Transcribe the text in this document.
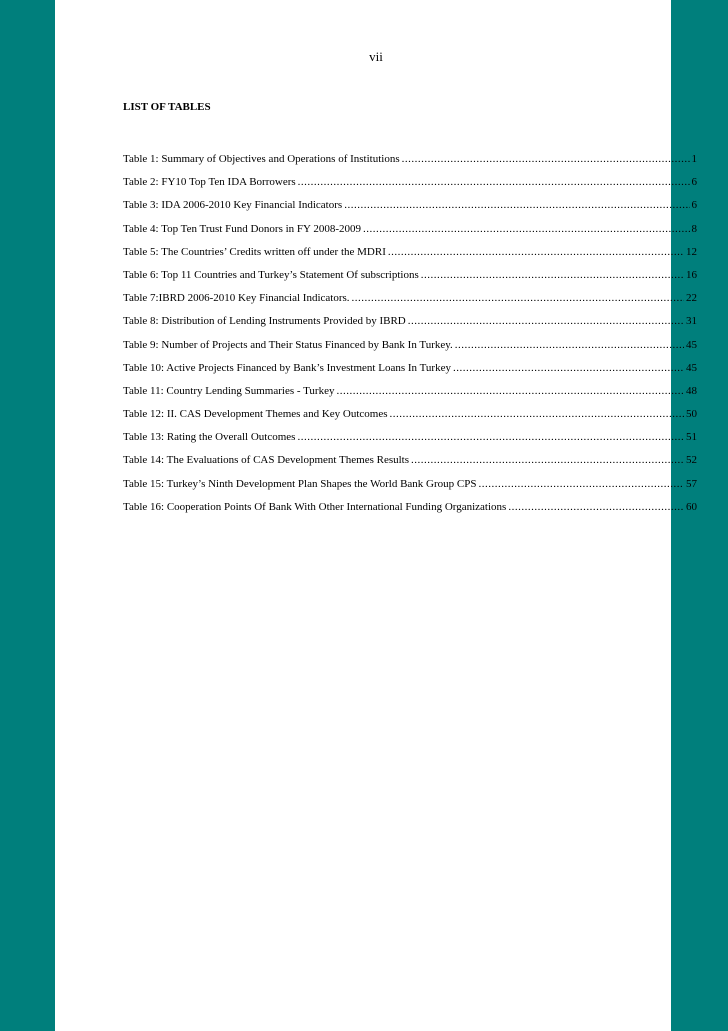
vii
LIST OF TABLES
Table 1: Summary of Objectives and Operations of Institutions .....	1
Table 2: FY10 Top Ten IDA Borrowers .....	6
Table 3: IDA 2006-2010 Key Financial Indicators .....	6
Table 4: Top Ten Trust Fund Donors in FY 2008-2009 .....	8
Table 5: The Countries’ Credits written off under the MDRI .....	12
Table 6: Top 11 Countries and Turkey’s Statement Of subscriptions .....	16
Table 7:IBRD 2006-2010 Key Financial Indicators. .....	22
Table 8: Distribution of Lending Instruments Provided by IBRD .....	31
Table 9: Number of Projects and Their Status Financed by Bank In Turkey. .....	45
Table 10: Active Projects Financed by Bank’s Investment Loans In Turkey .....	45
Table 11: Country Lending Summaries - Turkey .....	48
Table 12: II. CAS Development Themes and Key Outcomes .....	50
Table 13: Rating the Overall Outcomes .....	51
Table 14: The Evaluations of CAS Development Themes Results .....	52
Table 15: Turkey’s Ninth Development Plan Shapes the World Bank Group CPS .....	57
Table 16: Cooperation Points Of Bank With Other International Funding Organizations .....	60
